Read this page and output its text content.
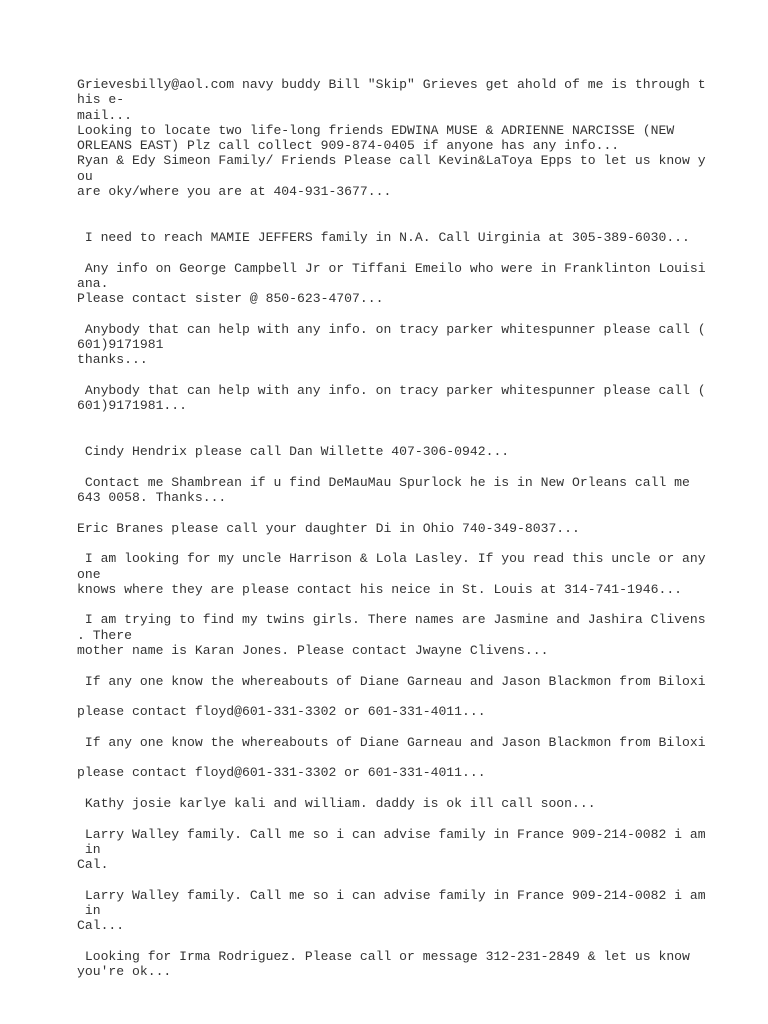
Grievesbilly@aol.com navy buddy Bill "Skip" Grieves get ahold of me is through t
his e-
mail...
Looking to locate two life-long friends EDWINA MUSE & ADRIENNE NARCISSE (NEW
ORLEANS EAST) Plz call collect 909-874-0405 if anyone has any info...
Ryan & Edy Simeon Family/ Friends Please call Kevin&LaToya Epps to let us know y
ou
are oky/where you are at 404-931-3677...
I need to reach MAMIE JEFFERS family in N.A. Call Uirginia at 305-389-6030...
Any info on George Campbell Jr or Tiffani Emeilo who were in Franklinton Louisi
ana.
Please contact sister @ 850-623-4707...
Anybody that can help with any info. on tracy parker whitespunner please call (
601)9171981
thanks...
Anybody that can help with any info. on tracy parker whitespunner please call (
601)9171981...
Cindy Hendrix please call Dan Willette 407-306-0942...
Contact me Shambrean if u find DeMauMau Spurlock he is in New Orleans call me
643 0058. Thanks...
Eric Branes please call your daughter Di in Ohio 740-349-8037...
I am looking for my uncle Harrison & Lola Lasley. If you read this uncle or any
one
knows where they are please contact his neice in St. Louis at 314-741-1946...
I am trying to find my twins girls. There names are Jasmine and Jashira Clivens
. There
mother name is Karan Jones. Please contact Jwayne Clivens...
If any one know the whereabouts of Diane Garneau and Jason Blackmon from Biloxi
please contact floyd@601-331-3302 or 601-331-4011...
If any one know the whereabouts of Diane Garneau and Jason Blackmon from Biloxi
please contact floyd@601-331-3302 or 601-331-4011...
Kathy josie karlye kali and william. daddy is ok ill call soon...
Larry Walley family. Call me so i can advise family in France 909-214-0082 i am
in
Cal.
Larry Walley family. Call me so i can advise family in France 909-214-0082 i am
in
Cal...
Looking for Irma Rodriguez. Please call or message 312-231-2849 & let us know
you're ok...
